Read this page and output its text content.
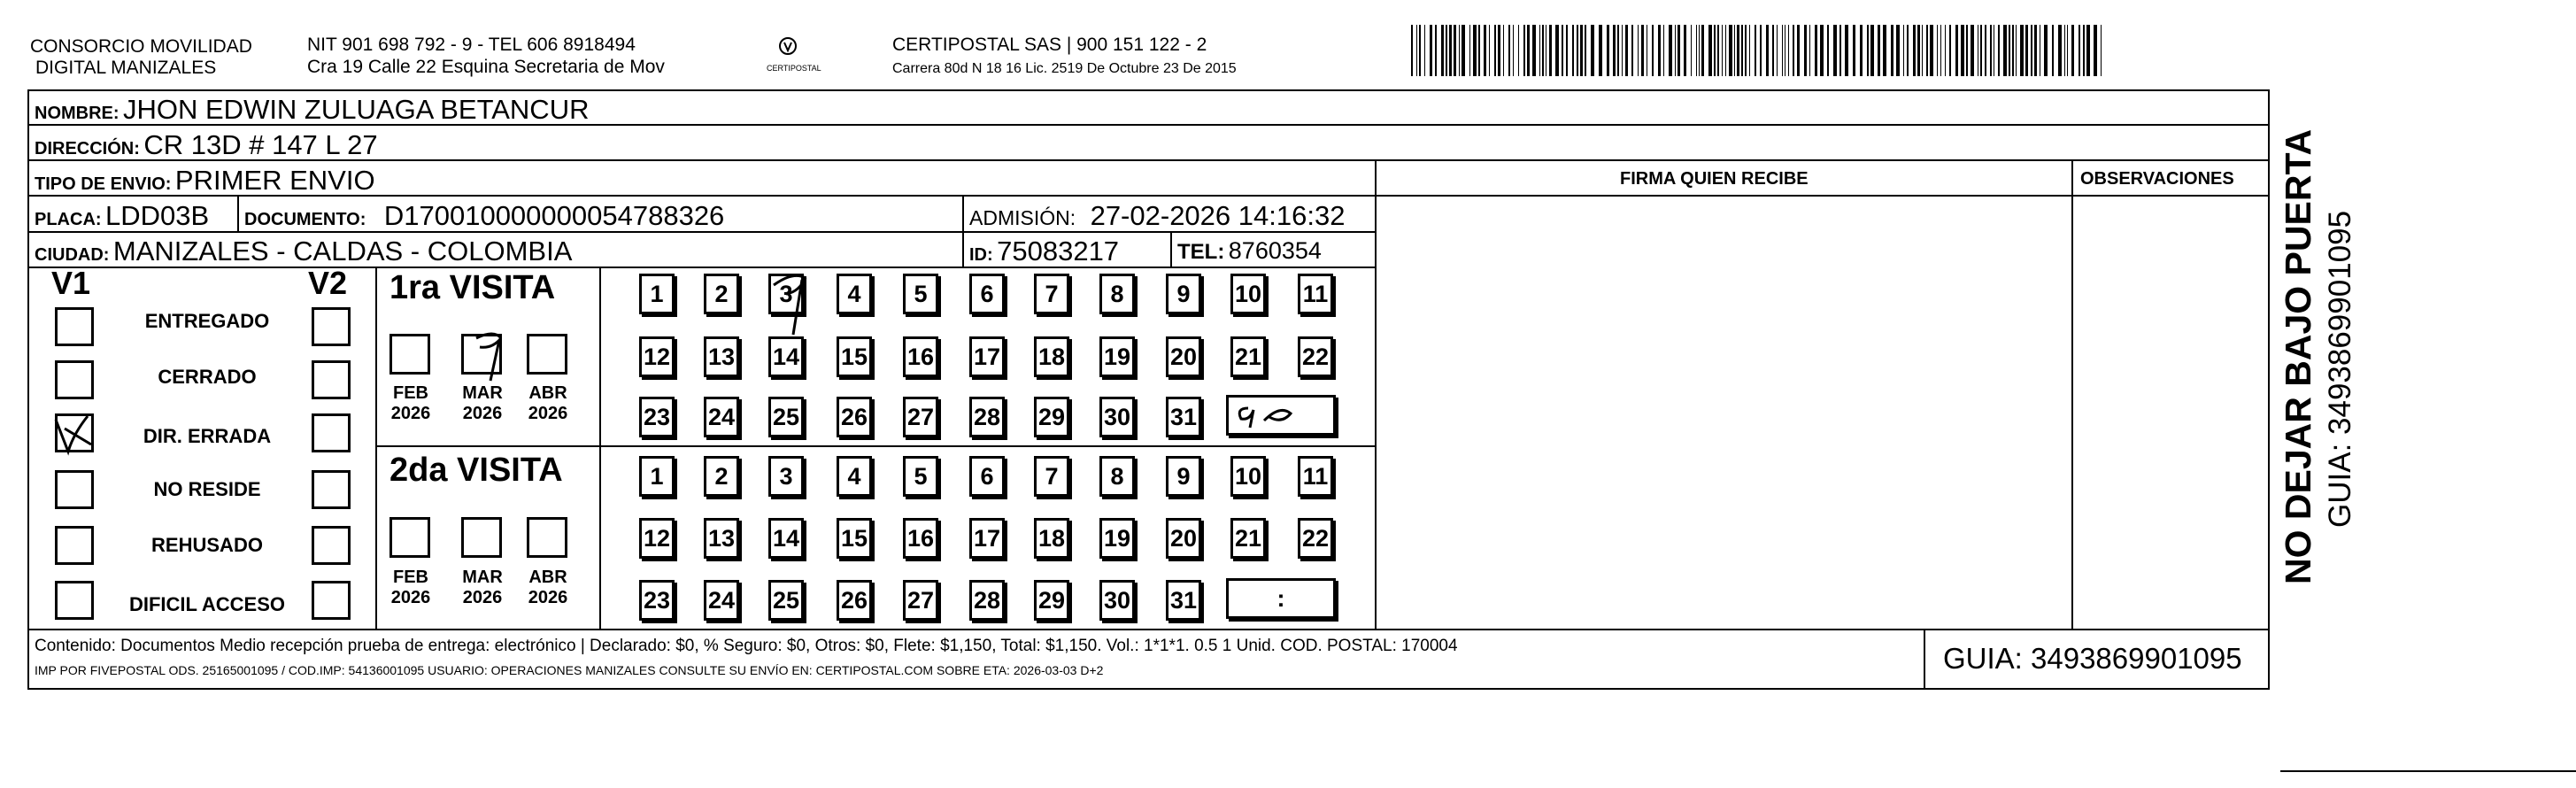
CONSORCIO MOVILIDAD
DIGITAL MANIZALES
NIT 901 698 792 - 9 - TEL 606 8918494
Cra 19 Calle 22 Esquina Secretaria de Mov	CERTIPOSTAL
CERTIPOSTAL SAS | 900 151 122 - 2
Carrera 80d N 18 16 Lic. 2519 De Octubre 23 De 2015
NOMBRE: JHON EDWIN ZULUAGA BETANCUR
DIRECCIÓN: CR 13D # 147 L 27
TIPO DE ENVIO: PRIMER ENVIO	FIRMA QUIEN RECIBE	OBSERVACIONES
PLACA: LDD03B DOCUMENTO: D170010000000054788326	ADMISIÓN: 27-02-2026 14:16:32
CIUDAD: MANIZALES - CALDAS - COLOMBIA	ID: 75083217	TEL: 8760354
V1	V2
ENTREGADO
CERRADO
DIR. ERRADA
NO RESIDE
REHUSADO
DIFICIL ACCESO
1ra VISITA
2da VISITA
FEB
2026
MAR
2026
ABR
2026
FEB
2026
MAR
2026
ABR
2026
1	2	3	4	5	6	7	8	9	10 11
12 13 14 15 16 17 18 19 20 21 22
23 24 25 26 27 28 29 30 31
1	2	3	4	5	6	7	8	9	10 11
12 13 14 15 16 17 18 19 20 21 22
23 24 25 26 27 28 29 30 31	:
Contenido: Documentos Medio recepción prueba de entrega: electrónico | Declarado: $0, % Seguro: $0, Otros: $0, Flete: $1,150, Total: $1,150. Vol.: 1*1*1. 0.5 1 Unid. COD. POSTAL: 170004
IMP POR FIVEPOSTAL ODS. 25165001095 / COD.IMP: 54136001095 USUARIO: OPERACIONES MANIZALES CONSULTE SU ENVÍO EN: CERTIPOSTAL.COM SOBRE ETA: 2026-03-03 D+2	GUIA: 3493869901095
NO DEJAR BAJO PUERTA GUIA: 3493869901095
